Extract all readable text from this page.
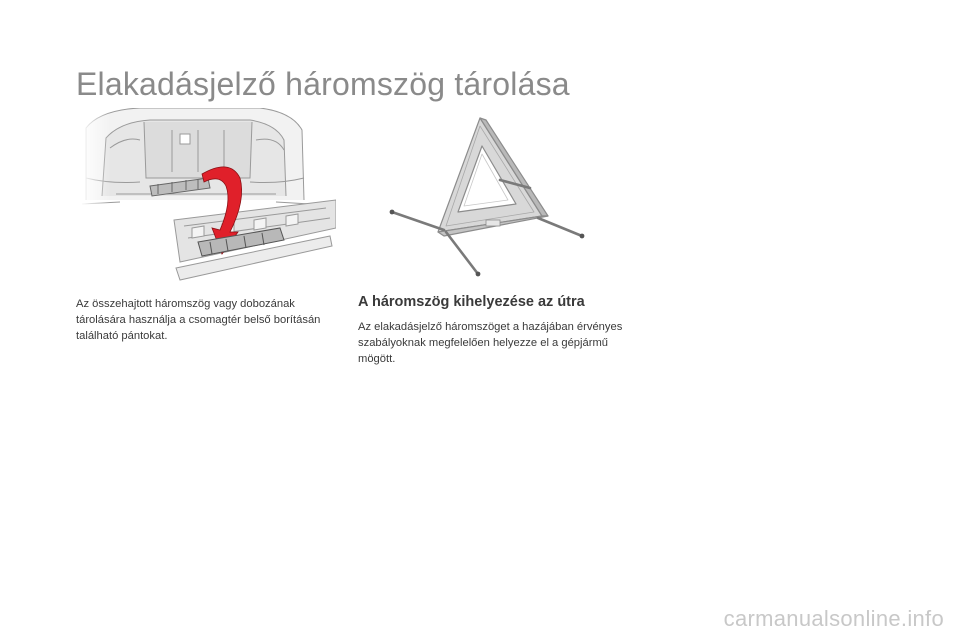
Elakadásjelző háromszög tárolása

Az összehajtott háromszög vagy dobozának tárolására használja a csomagtér belső borításán található pántokat.

A háromszög kihelyezése az útra

Az elakadásjelző háromszöget a hazájában érvényes szabályoknak megfelelően helyezze el a gépjármű mögött.

carmanualsonline.info
